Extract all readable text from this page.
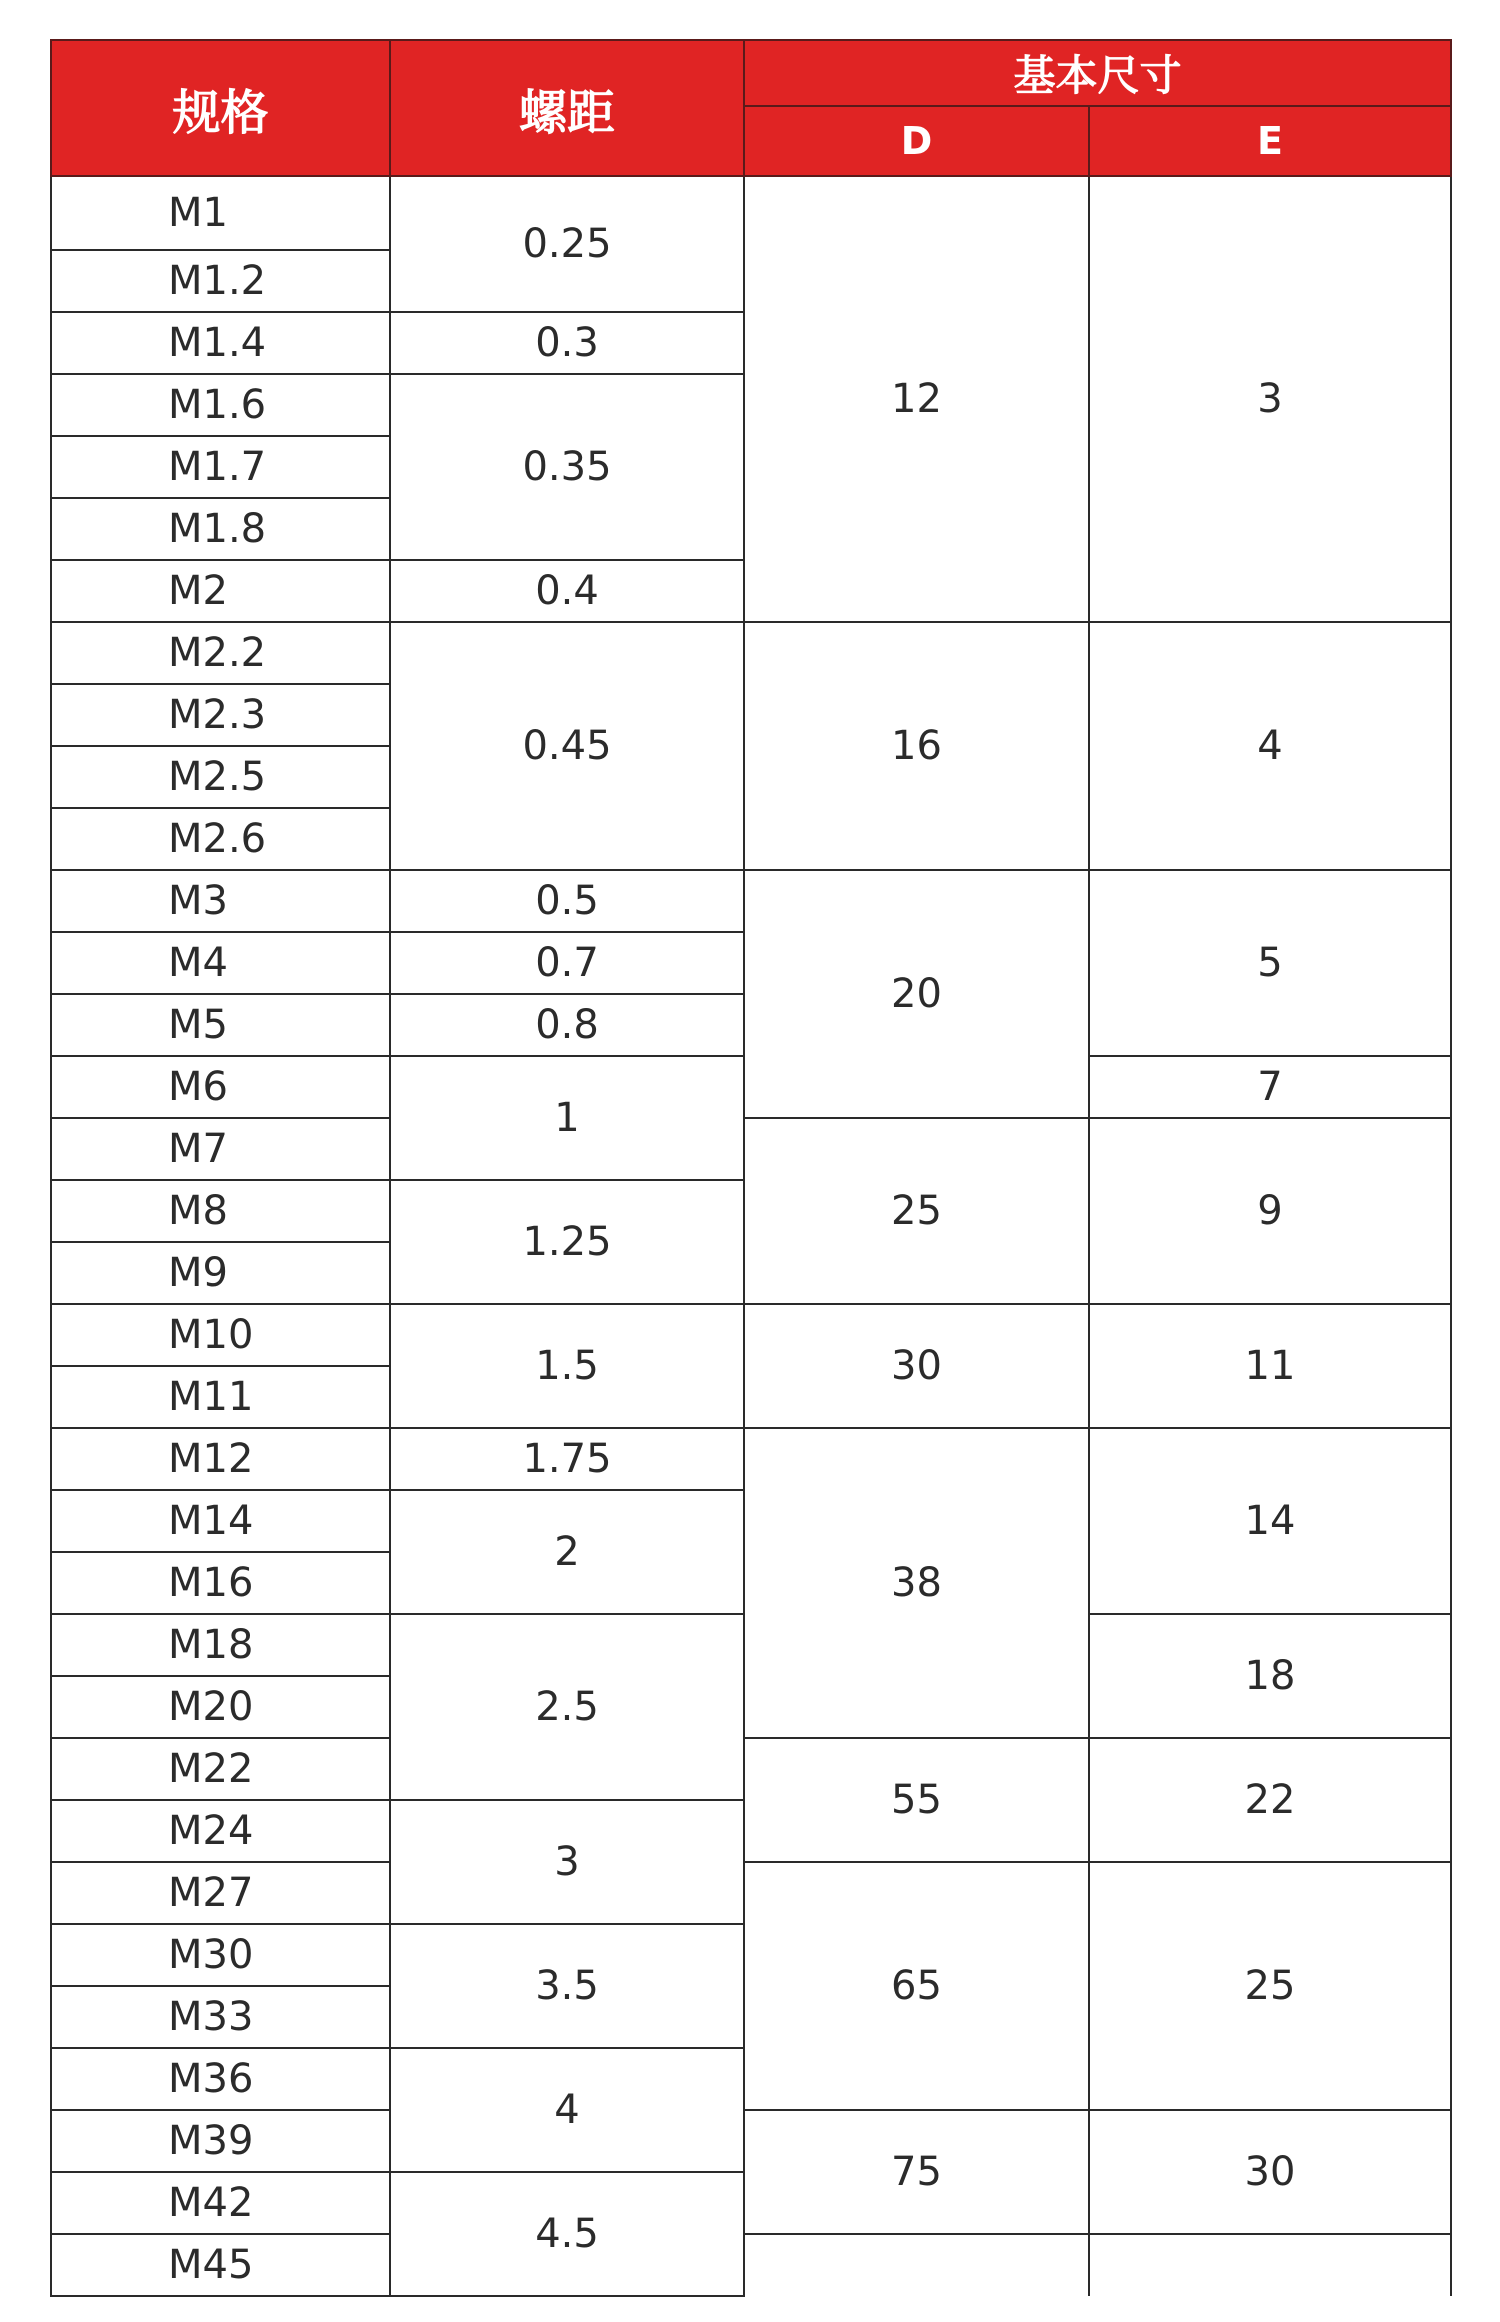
规格	螺距	基本尺寸	
		D	E
M1	0.25	12	3
M1.2			
M1.4	0.3		
M1.6	0.35		
M1.7			
M1.8			
M2	0.4		
M2.2	0.45	16	4
M2.3			
M2.5			
M2.6			
M3	0.5	20	5
M4	0.7		
M5	0.8		
M6	1		7
M7		25	9
M8	1.25		
M9			
M10	1.5	30	11
M11			
M12	1.75	38	14
M14	2		
M16			
M18	2.5		18
M20			
M22		55	22
M24	3		
M27		65	25
M30	3.5		
M33			
M36	4		
M39		75	30
M42	4.5		
M45			
